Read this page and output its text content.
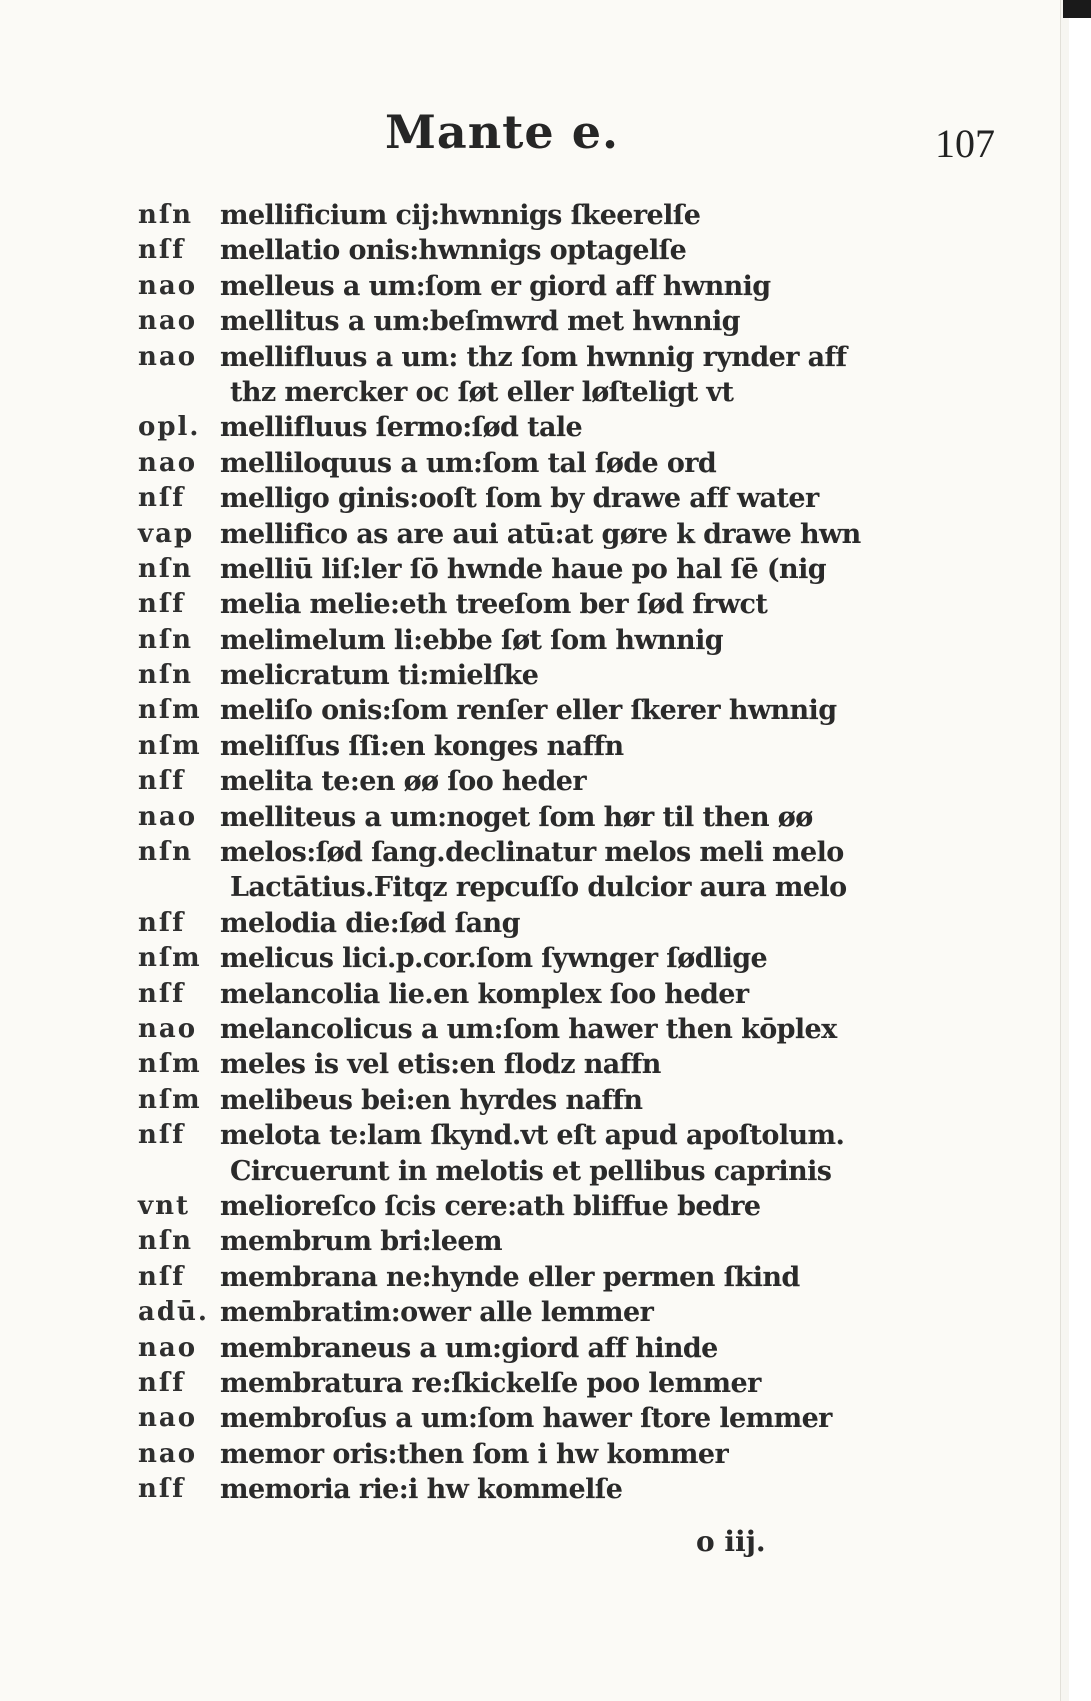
Mante e.	107
nſn	mellificium cij:hwnnigs ſkeerelſe
nſf	mellatio onis:hwnnigs optagelſe
nao melleus a um:ſom er giord aff hwnnig
nao mellitus a um:beſmwrd met hwnnig
nao mellifluus a um: thz ſom hwnnig rynder aff
thz mercker oc ſøt eller løſteligt vt
opl. mellifluus ſermo:ſød tale
nao melliloquus a um:ſom tal ſøde ord
nſf	melligo ginis:ooſt ſom by drawe aff water
vap mellifico as are aui atū:at gøre k drawe hwn
nſn	melliū liſ:ler ſō hwnde haue po hal ſē (nig
nſf	melia melie:eth treeſom ber ſød frwct
nſn	melimelum li:ebbe ſøt ſom hwnnig
nſn	melicratum ti:mielſke
nſm meliſo onis:ſom renſer eller ſkerer hwnnig
nſm meliſſus ſſi:en konges naffn
nſf	melita te:en øø ſoo heder
nao melliteus a um:noget ſom hør til then øø
nſn	melos:ſød ſang.declinatur melos meli melo
Lactātius.Fitqz repcuſſo dulcior aura melo
nſf	melodia die:ſød ſang
nſm melicus lici.p.cor.ſom ſywnger ſødlige
nſf	melancolia lie.en komplex ſoo heder
nao melancolicus a um:ſom hawer then kōplex
nſm meles is vel etis:en flodz naffn
nſm melibeus bei:en hyrdes naffn
nſf	melota te:lam ſkynd.vt eſt apud apoſtolum.
Circuerunt in melotis et pellibus caprinis
vnt	melioreſco ſcis cere:ath bliffue bedre
nſn	membrum bri:leem
nſf	membrana ne:hynde eller permen ſkind
adū. membratim:ower alle lemmer
nao membraneus a um:giord aff hinde
nſf	membratura re:ſkickelſe poo lemmer
nao membroſus a um:ſom hawer ſtore lemmer
nao memor oris:then ſom i hw kommer
nſf	memoria rie:i hw kommelſe
o iij.
